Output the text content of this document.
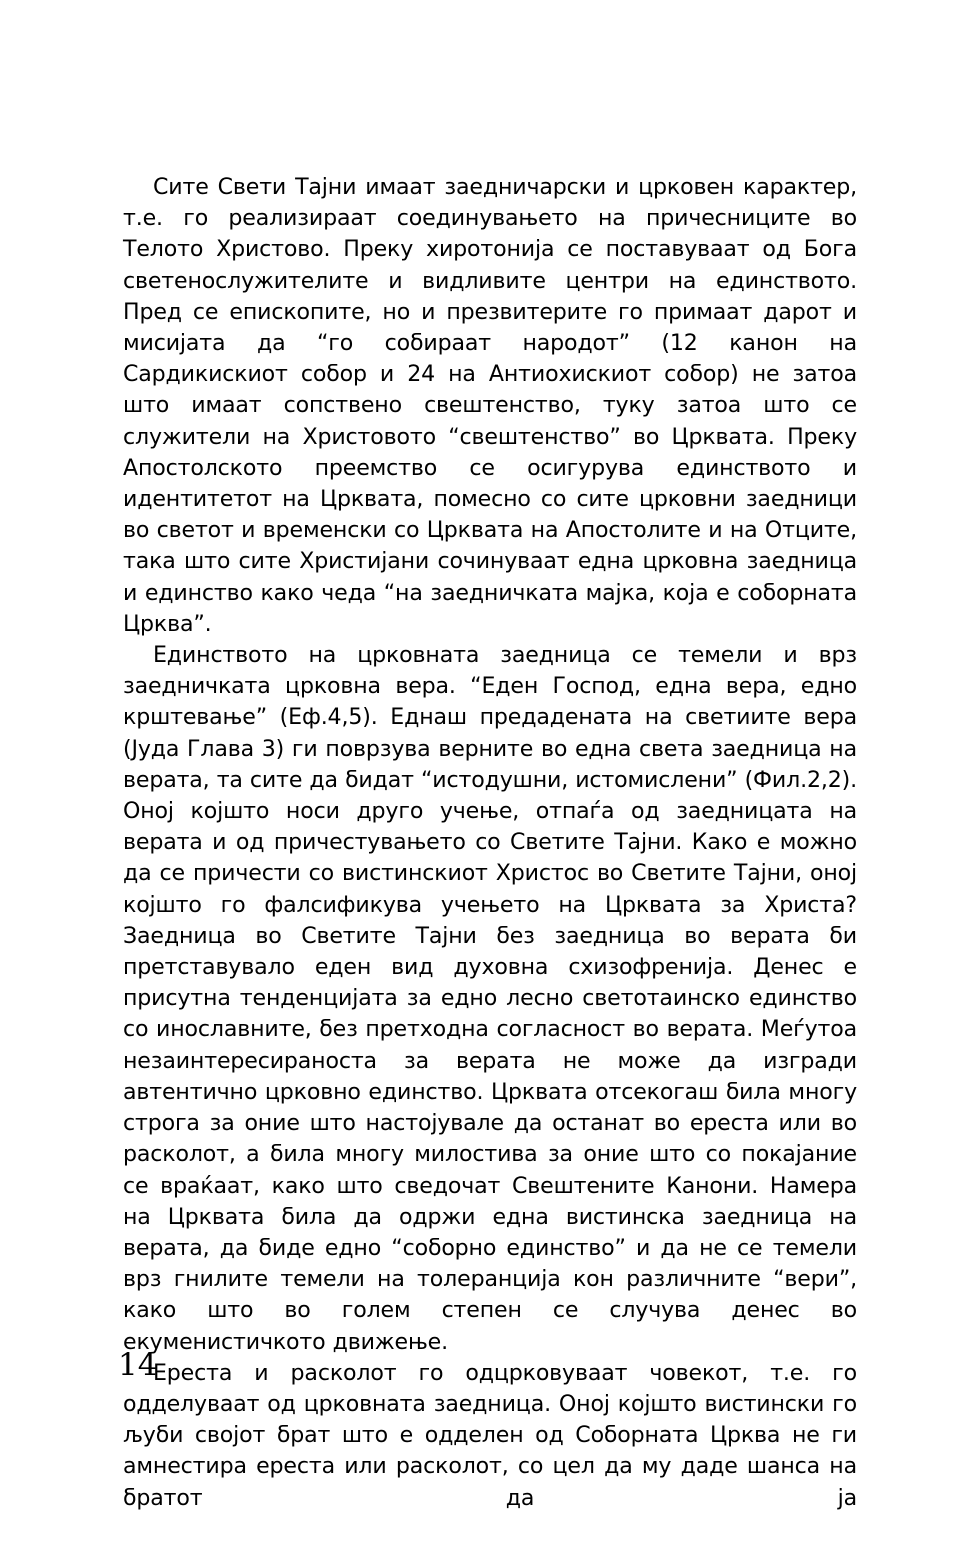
Сите Свети Тајни имаат заедничарски и црковен карактер, т.е. го реализираат соединувањето на причесниците во Телото Христово. Преку хиротонија се поставуваат од Бога светенослужителите и видливите центри на единството. Пред се епископите, но и презвитерите го примаат дарот и мисијата да “го собираат народот” (12 канон на Сардикискиот собор и 24 на Антиохискиот собор) не затоа што имаат сопствено свештенство, туку затоа што се служители на Христовото “свештенство” во Црквата. Преку Апостолското преемство се осигурува единството и идентитетот на Црквата, помесно со сите црковни заедници во светот и временски со Црквата на Апостолите и на Отците, така што сите Христијани сочинуваат една црковна заедница и единство како чеда “на заедничката мајка, која е соборната Црква”.

Единството на црковната заедница се темели и врз заедничката црковна вера. “Еден Господ, една вера, едно крштевање” (Еф.4,5). Еднаш предадената на светиите вера (Јуда Глава 3) ги поврзува верните во една света заедница на верата, та сите да бидат “истодушни, истомислени” (Фил.2,2). Оној којшто носи друго учење, отпаѓа од заедницата на верата и од причестувањето со Светите Тајни. Како е можно да се причести со вистинскиот Христос во Светите Тајни, оној којшто го фалсификува учењето на Црквата за Христа? Заедница во Светите Тајни без заедница во верата би претставувало еден вид духовна схизофренија. Денес е присутна тенденцијата за едно лесно светотаинско единство со инославните, без претходна согласност во верата. Меѓутоа незаинтересираноста за верата не може да изгради автентично црковно единство. Црквата отсекогаш била многу строга за оние што настојувале да останат во ереста или во расколот, а била многу милостива за оние што со покајание се враќаат, како што сведочат Свештените Канони. Намера на Црквата била да одржи една вистинска заедница на верата, да биде едно “соборно единство” и да не се темели врз гнилите темели на толеранција кон различните “вери”, како што во голем степен се случува денес во екуменистичкото движење.

Ереста и расколот го одцрковуваат човекот, т.е. го одделуваат од црковната заедница. Оној којшто вистински го љуби својот брат што е одделен од Соборната Црква не ги амнестира ереста или расколот, со цел да му даде шанса на братот да ја

14
